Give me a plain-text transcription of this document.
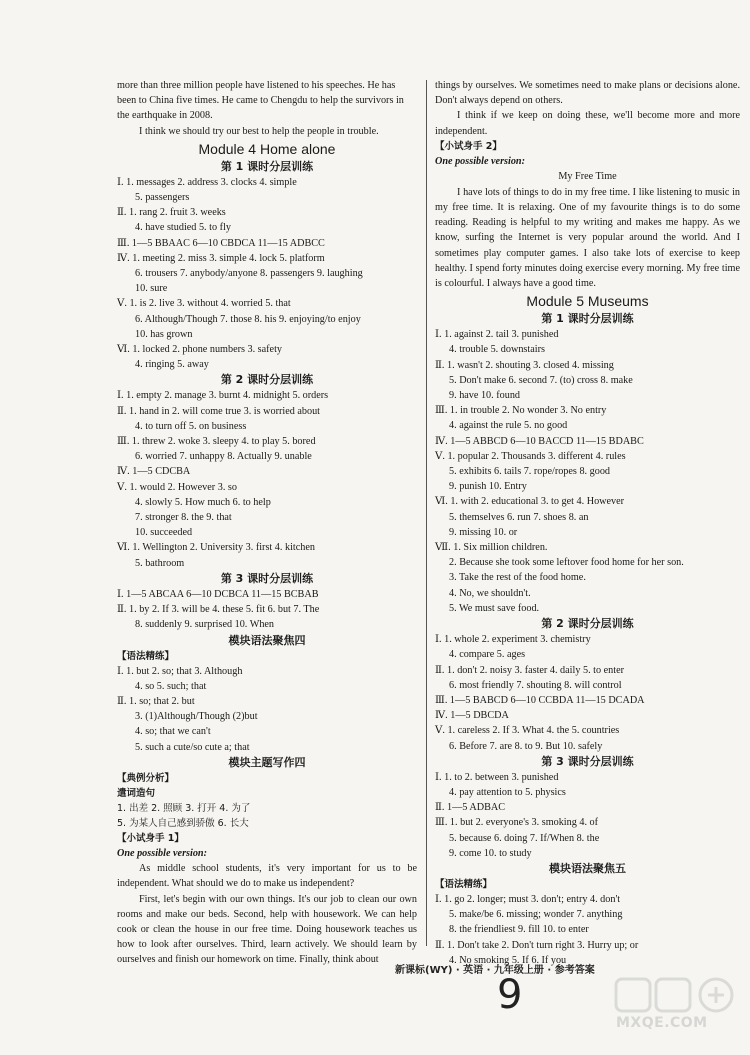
more than three million people have listened to his speeches. He has
been to China five times. He came to Chengdu to help the survivors in
the earthquake in 2008.
I think we should try our best to help the people in trouble.
Module 4 Home alone
第 1 课时分层训练
Ⅰ. 1. messages 2. address 3. clocks 4. simple
5. passengers
Ⅱ. 1. rang 2. fruit 3. weeks
4. have studied 5. to fly
Ⅲ. 1—5 BBAAC 6—10 CBDCA 11—15 ADBCC
Ⅳ. 1. meeting 2. miss 3. simple 4. lock 5. platform
6. trousers 7. anybody/anyone 8. passengers 9. laughing
10. sure
Ⅴ. 1. is 2. live 3. without 4. worried 5. that
6. Although/Though 7. those 8. his 9. enjoying/to enjoy
10. has grown
Ⅵ. 1. locked 2. phone numbers 3. safety
4. ringing 5. away
第 2 课时分层训练
Ⅰ. 1. empty 2. manage 3. burnt 4. midnight 5. orders
Ⅱ. 1. hand in 2. will come true 3. is worried about
4. to turn off 5. on business
Ⅲ. 1. threw 2. woke 3. sleepy 4. to play 5. bored
6. worried 7. unhappy 8. Actually 9. unable
Ⅳ. 1—5 CDCBA
Ⅴ. 1. would 2. However 3. so
4. slowly 5. How much 6. to help
7. stronger 8. the 9. that
10. succeeded
Ⅵ. 1. Wellington 2. University 3. first 4. kitchen
5. bathroom
第 3 课时分层训练
Ⅰ. 1—5 ABCAA 6—10 DCBCA 11—15 BCBAB
Ⅱ. 1. by 2. If 3. will be 4. these 5. fit 6. but 7. The
8. suddenly 9. surprised 10. When
模块语法聚焦四
【语法精练】
Ⅰ. 1. but 2. so; that 3. Although
4. so 5. such; that
Ⅱ. 1. so; that 2. but
3. (1)Although/Though (2)but
4. so; that we can't
5. such a cute/so cute a; that
模块主题写作四
【典例分析】
遣词造句
1. 出差 2. 照顾 3. 打开 4. 为了
5. 为某人自己感到骄傲 6. 长大
【小试身手 1】
One possible version:
As middle school students, it's very important for us to be independent. What should we do to make us independent?
First, let's begin with our own things. It's our job to clean our own rooms and make our beds. Second, help with housework. We can help cook or clean the house in our free time. Doing housework teaches us how to look after ourselves. Third, learn actively. We should learn by ourselves and finish our homework on time. Finally, think about
things by ourselves. We sometimes need to make plans or decisions alone. Don't always depend on others.
I think if we keep on doing these, we'll become more and more independent.
【小试身手 2】
One possible version:
My Free Time
I have lots of things to do in my free time. I like listening to music in my free time. It is relaxing. One of my favourite things is to do some reading. Reading is helpful to my writing and makes me happy. As we know, surfing the Internet is very popular around the world. And I sometimes play computer games. I also take lots of exercise to keep healthy. I spend forty minutes doing exercise every morning. My free time is colourful. I always have a good time.
Module 5 Museums
第 1 课时分层训练
Ⅰ. 1. against 2. tail 3. punished
4. trouble 5. downstairs
Ⅱ. 1. wasn't 2. shouting 3. closed 4. missing
5. Don't make 6. second 7. (to) cross 8. make
9. have 10. found
Ⅲ. 1. in trouble 2. No wonder 3. No entry
4. against the rule 5. no good
Ⅳ. 1—5 ABBCD 6—10 BACCD 11—15 BDABC
Ⅴ. 1. popular 2. Thousands 3. different 4. rules
5. exhibits 6. tails 7. rope/ropes 8. good
9. punish 10. Entry
Ⅵ. 1. with 2. educational 3. to get 4. However
5. themselves 6. run 7. shoes 8. an
9. missing 10. or
Ⅶ. 1. Six million children.
2. Because she took some leftover food home for her son.
3. Take the rest of the food home.
4. No, we shouldn't.
5. We must save food.
第 2 课时分层训练
Ⅰ. 1. whole 2. experiment 3. chemistry
4. compare 5. ages
Ⅱ. 1. don't 2. noisy 3. faster 4. daily 5. to enter
6. most friendly 7. shouting 8. will control
Ⅲ. 1—5 BABCD 6—10 CCBDA 11—15 DCADA
Ⅳ. 1—5 DBCDA
Ⅴ. 1. careless 2. If 3. What 4. the 5. countries
6. Before 7. are 8. to 9. But 10. safely
第 3 课时分层训练
Ⅰ. 1. to 2. between 3. punished
4. pay attention to 5. physics
Ⅱ. 1—5 ADBAC
Ⅲ. 1. but 2. everyone's 3. smoking 4. of
5. because 6. doing 7. If/When 8. the
9. come 10. to study
模块语法聚焦五
【语法精练】
Ⅰ. 1. go 2. longer; must 3. don't; entry 4. don't
5. make/be 6. missing; wonder 7. anything
8. the friendliest 9. fill 10. to enter
Ⅱ. 1. Don't take 2. Don't turn right 3. Hurry up; or
4. No smoking 5. If 6. If you
新课标(WY) · 英语 · 九年级上册 · 参考答案
9
MXQE.COM
